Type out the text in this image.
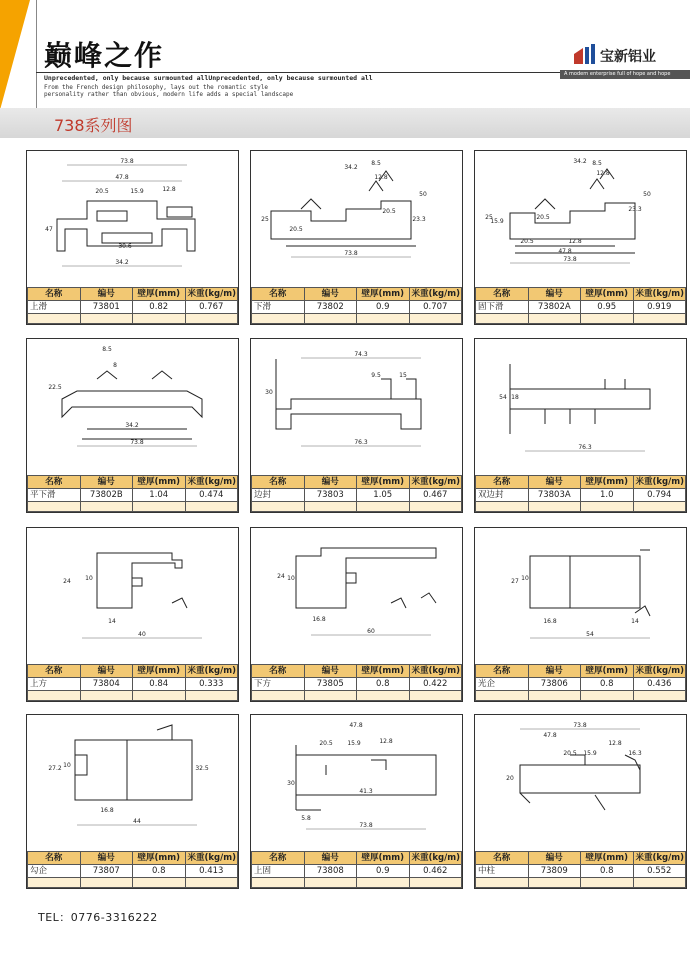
巅峰之作
Unprecedented, only because surmounted allUnprecedented, only because surmounted all
From the French design philosophy, lays out the romantic style
personality rather than obvious, modern life adds a special landscape
宝新铝业
A modern enterprise full of hope and hope
738系列图
73.8
47.8
20.5	15.9	12.8
47
30.6
34.2
名称	编号	壁厚(mm)	米重(kg/m)
上滑	73801	0.82	0.767

34.2
8.5
12.8
20.5
23.3
50
25
20.5
73.8
名称	编号	壁厚(mm)	米重(kg/m)
下滑	73802	0.9	0.707

34.2 8.5
12.8
20.5
25
15.9
12.8
20.5
47.8
73.8
23.3
50
名称	编号	壁厚(mm)	米重(kg/m)
固下滑	73802A	0.95	0.919

8.5
8
22.5
34.2
73.8
名称	编号	壁厚(mm)	米重(kg/m)
平下滑	73802B	1.04	0.474

74.3
9.5	15
30
76.3
名称	编号	壁厚(mm)	米重(kg/m)
边封	73803	1.05	0.467

54 18
76.3
名称	编号	壁厚(mm)	米重(kg/m)
双边封	73803A	1.0	0.794

24 10
14
40
名称	编号	壁厚(mm)	米重(kg/m)
上方	73804	0.84	0.333

24 10
16.8
60
名称	编号	壁厚(mm)	米重(kg/m)
下方	73805	0.8	0.422

27 10
16.8	14
54
名称	编号	壁厚(mm)	米重(kg/m)
光企	73806	0.8	0.436

27.2 10	32.5
16.8
44
名称	编号	壁厚(mm)	米重(kg/m)
勾企	73807	0.8	0.413

47.8
20.5 15.9	12.8
30
41.3
5.8
73.8
名称	编号	壁厚(mm)	米重(kg/m)
上固	73808	0.9	0.462

73.8
47.8
20.5 15.9
12.8
16.3
20
名称	编号	壁厚(mm)	米重(kg/m)
中柱	73809	0.8	0.552

TEL：0776-3316222
